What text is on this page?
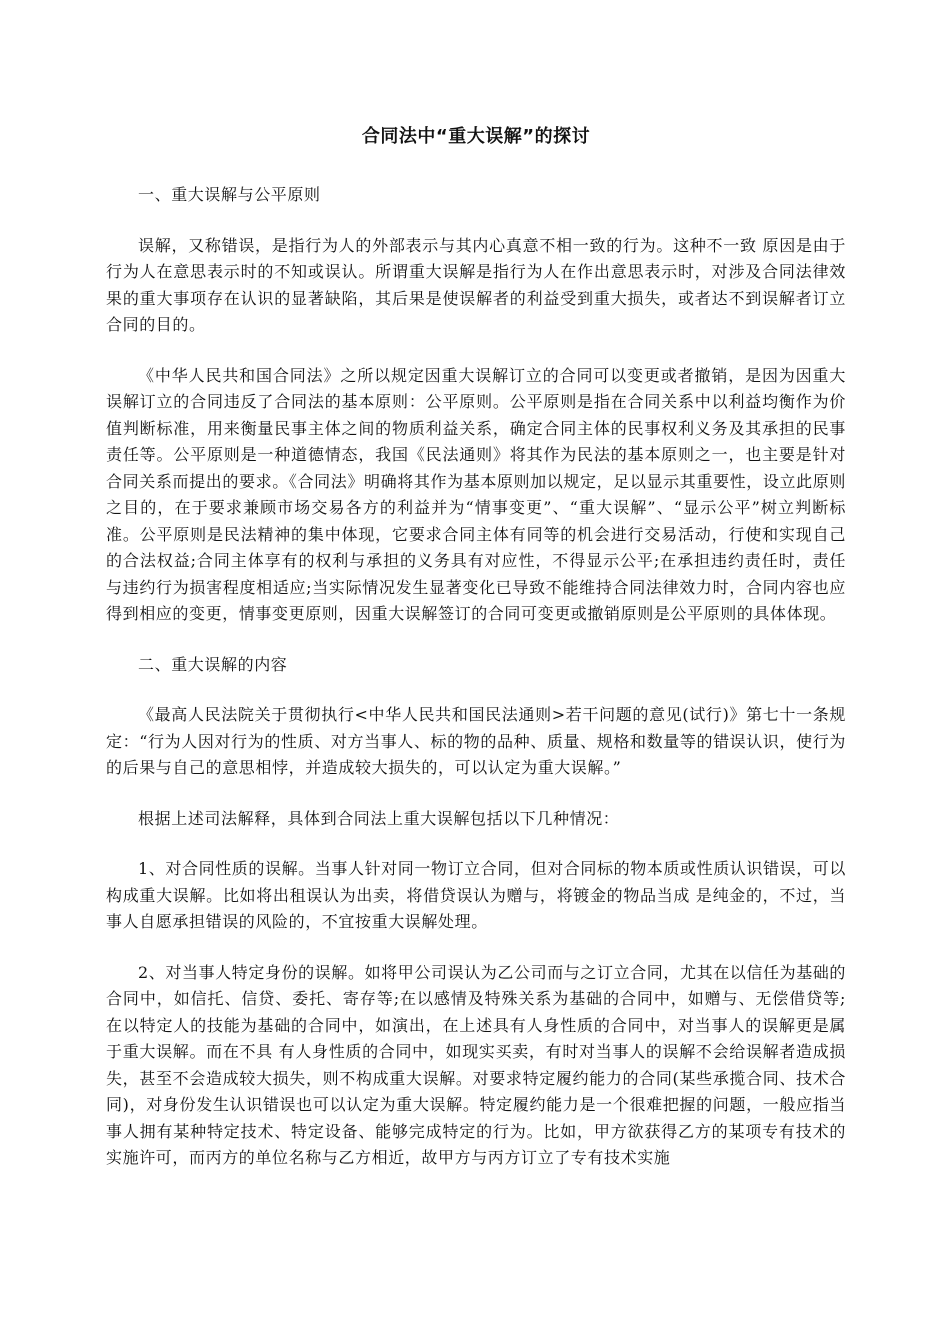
合同法中“重大误解”的探讨
一、重大误解与公平原则

误解，又称错误，是指行为人的外部表示与其内心真意不相一致的行为。这种不一致 原因是由于行为人在意思表示时的不知或误认。所谓重大误解是指行为人在作出意思表示时，对涉及合同法律效果的重大事项存在认识的显著缺陷，其后果是使误解者的利益受到重大损失，或者达不到误解者订立合同的目的。

《中华人民共和国合同法》之所以规定因重大误解订立的合同可以变更或者撤销，是因为因重大误解订立的合同违反了合同法的基本原则：公平原则。公平原则是指在合同关系中以利益均衡作为价值判断标准，用来衡量民事主体之间的物质利益关系，确定合同主体的民事权利义务及其承担的民事责任等。公平原则是一种道德情态，我国《民法通则》将其作为民法的基本原则之一，也主要是针对合同关系而提出的要求。《合同法》明确将其作为基本原则加以规定，足以显示其重要性，设立此原则之目的，在于要求兼顾市场交易各方的利益并为“情事变更”、“重大误解”、“显示公平”树立判断标准。公平原则是民法精神的集中体现，它要求合同主体有同等的机会进行交易活动，行使和实现自己的合法权益;合同主体享有的权利与承担的义务具有对应性，不得显示公平;在承担违约责任时，责任与违约行为损害程度相适应;当实际情况发生显著变化已导致不能维持合同法律效力时，合同内容也应得到相应的变更，情事变更原则，因重大误解签订的合同可变更或撤销原则是公平原则的具体体现。

二、重大误解的内容

《最高人民法院关于贯彻执行<中华人民共和国民法通则>若干问题的意见(试行)》第七十一条规定：“行为人因对行为的性质、对方当事人、标的物的品种、质量、规格和数量等的错误认识，使行为的后果与自己的意思相悖，并造成较大损失的，可以认定为重大误解。”

根据上述司法解释，具体到合同法上重大误解包括以下几种情况：

1、对合同性质的误解。当事人针对同一物订立合同，但对合同标的物本质或性质认识错误，可以构成重大误解。比如将出租误认为出卖，将借贷误认为赠与，将镀金的物品当成 是纯金的，不过，当事人自愿承担错误的风险的，不宜按重大误解处理。

2、对当事人特定身份的误解。如将甲公司误认为乙公司而与之订立合同，尤其在以信任为基础的合同中，如信托、信贷、委托、寄存等;在以感情及特殊关系为基础的合同中，如赠与、无偿借贷等;在以特定人的技能为基础的合同中，如演出，在上述具有人身性质的合同中，对当事人的误解更是属于重大误解。而在不具 有人身性质的合同中，如现实买卖，有时对当事人的误解不会给误解者造成损失，甚至不会造成较大损失，则不构成重大误解。对要求特定履约能力的合同(某些承揽合同、技术合同)，对身份发生认识错误也可以认定为重大误解。特定履约能力是一个很难把握的问题，一般应指当事人拥有某种特定技术、特定设备、能够完成特定的行为。比如，甲方欲获得乙方的某项专有技术的实施许可，而丙方的单位名称与乙方相近，故甲方与丙方订立了专有技术实施
